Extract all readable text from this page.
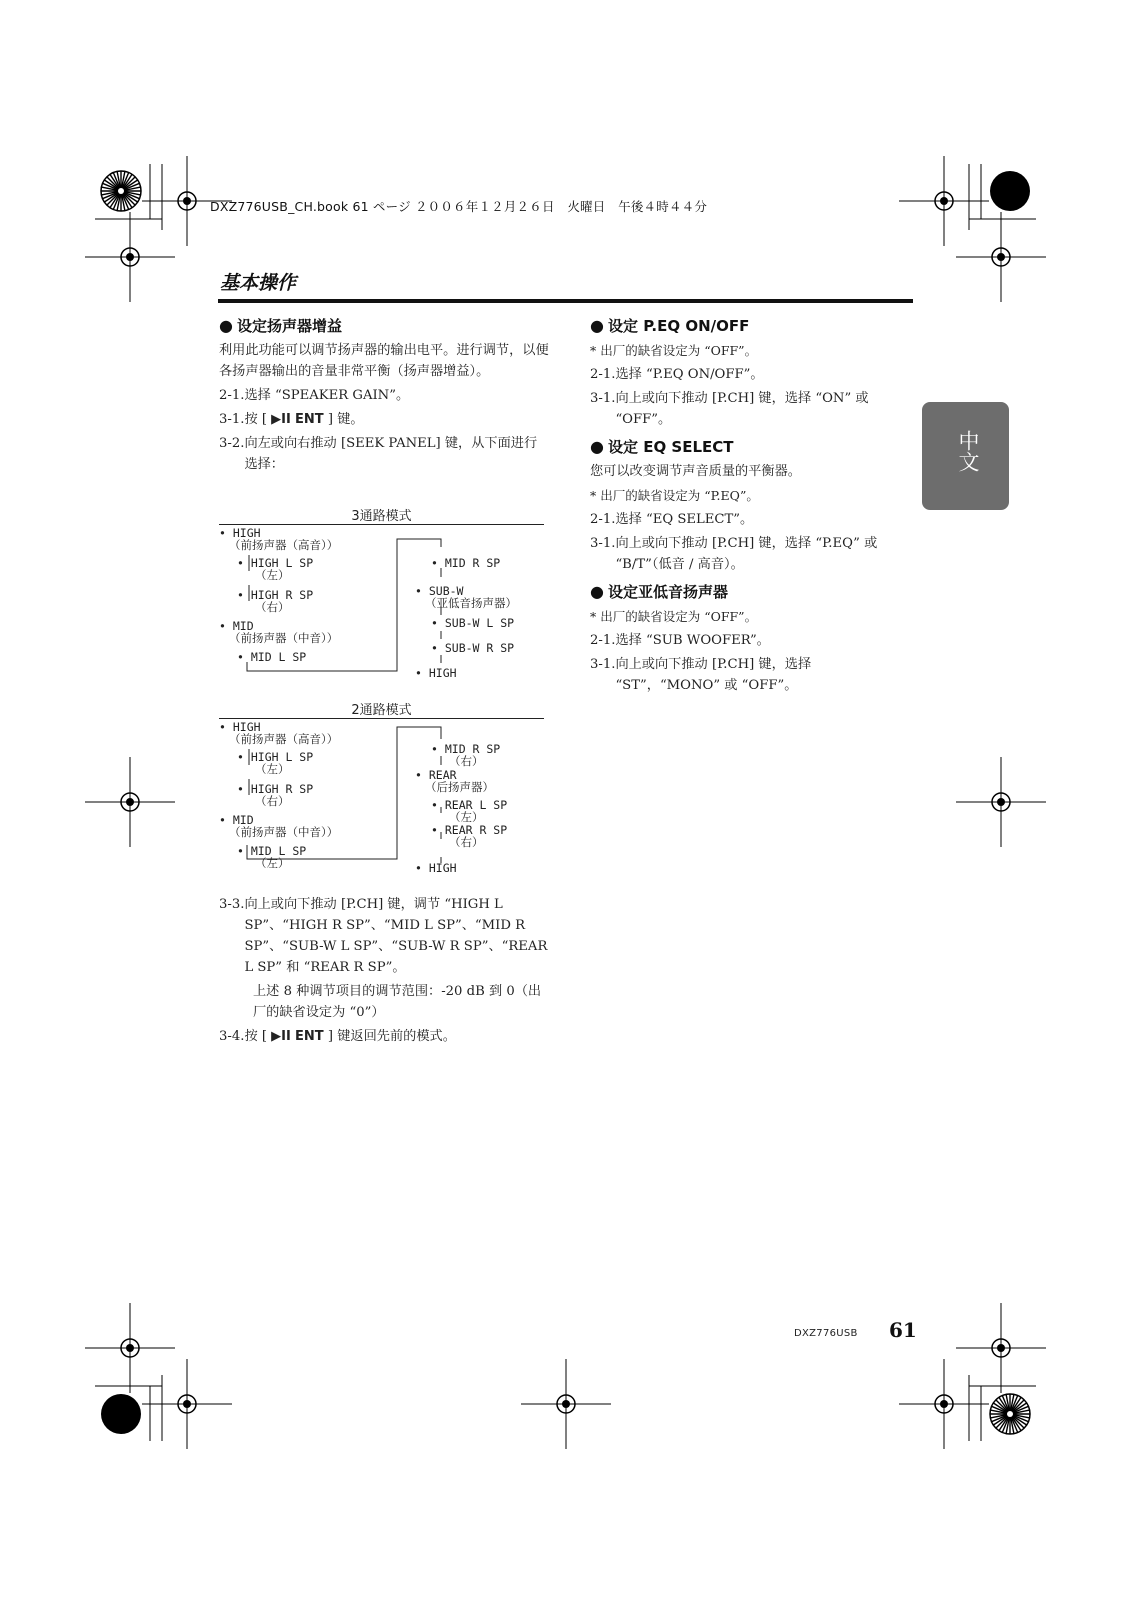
DXZ776USB_CH.book 61 ページ ２００６年１２月２６日　火曜日　午後４時４４分
基本操作
● 设定扬声器增益

利用此功能可以调节扬声器的输出电平。进行调节，以便各扬声器输出的音量非常平衡（扬声器增益）。

2-1. 选择 “SPEAKER GAIN”。
3-1. 按 [ ▶II ENT ] 键。
3-2. 向左或向右推动 [SEEK PANEL] 键，从下面进行选择：
3通路模式
• HIGH
（前扬声器（高音））
• HIGH L SP
（左）
• HIGH R SP
（右）
• MID
（前扬声器（中音））
• MID L SP
• MID R SP
• SUB-W
（亚低音扬声器）
• SUB-W L SP
• SUB-W R SP
• HIGH
2通路模式
• HIGH
（前扬声器（高音））
• HIGH L SP
（左）
• HIGH R SP
（右）
• MID
（前扬声器（中音））
• MID L SP
（左）
• MID R SP
（右）
• REAR
（后扬声器）
• REAR L SP
（左）
• REAR R SP
（右）
• HIGH
3-3. 向上或向下推动 [P.CH] 键，调节 “HIGH L SP”、“HIGH R SP”、“MID L SP”、“MID R SP”、“SUB-W L SP”、“SUB-W R SP”、“REAR L SP” 和 “REAR R SP”。

上述 8 种调节项目的调节范围：-20 dB 到 0（出厂的缺省设定为 “0”）

3-4. 按 [ ▶II ENT ] 键返回先前的模式。
● 设定 P.EQ ON/OFF

* 出厂的缺省设定为 “OFF”。

2-1. 选择 “P.EQ ON/OFF”。
3-1. 向上或向下推动 [P.CH] 键，选择 “ON” 或 “OFF”。
● 设定 EQ SELECT

您可以改变调节声音质量的平衡器。

* 出厂的缺省设定为 “P.EQ”。

2-1. 选择 “EQ SELECT”。
3-1. 向上或向下推动 [P.CH] 键，选择 “P.EQ” 或 “B/T”（低音 / 高音）。
● 设定亚低音扬声器

* 出厂的缺省设定为 “OFF”。

2-1. 选择 “SUB WOOFER”。
3-1. 向上或向下推动 [P.CH] 键，选择 “ST”，“MONO” 或 “OFF”。
中文
DXZ776USB 61
